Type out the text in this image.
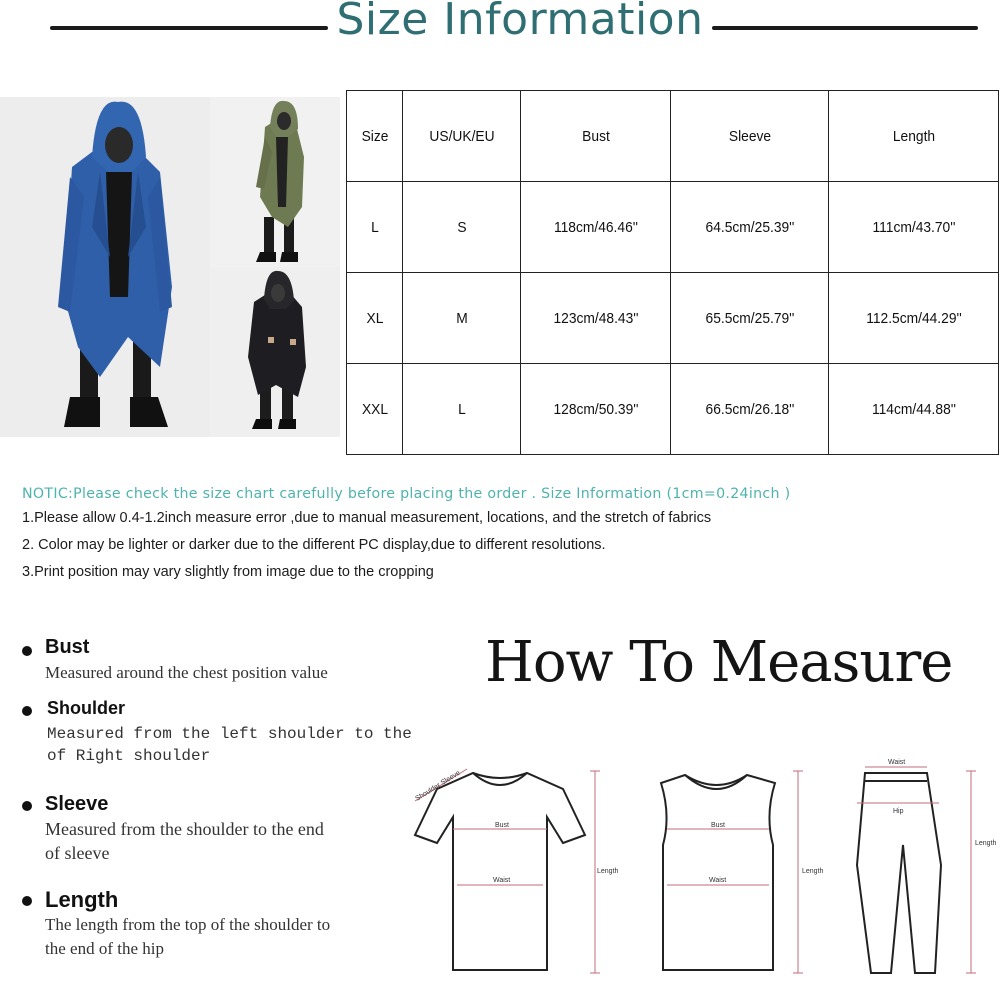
Size Information
Size	US/UK/EU	Bust	Sleeve	Length
L	S	118cm/46.46''	64.5cm/25.39''	111cm/43.70''
XL	M	123cm/48.43''	65.5cm/25.79''	112.5cm/44.29''
XXL	L	128cm/50.39''	66.5cm/26.18''	114cm/44.88''
NOTIC:Please check the size chart carefully before placing the order . Size Information (1cm=0.24inch )
1.Please allow 0.4-1.2inch measure error ,due to manual measurement, locations, and the stretch of fabrics
2. Color may be lighter or darker due to the different PC display,due to different resolutions.
3.Print position may vary slightly from image due to the cropping
Bust
Measured around the chest position value
Shoulder
Measured from the left shoulder to the
of Right shoulder
Sleeve
Measured from the shoulder to the end
of sleeve
Length
The length from the top of the shoulder to
the end of the hip
How To Measure
Shoulder Sleeve
Bust
Waist
Length
Bust
Waist
Length
Waist
Hip
Length
